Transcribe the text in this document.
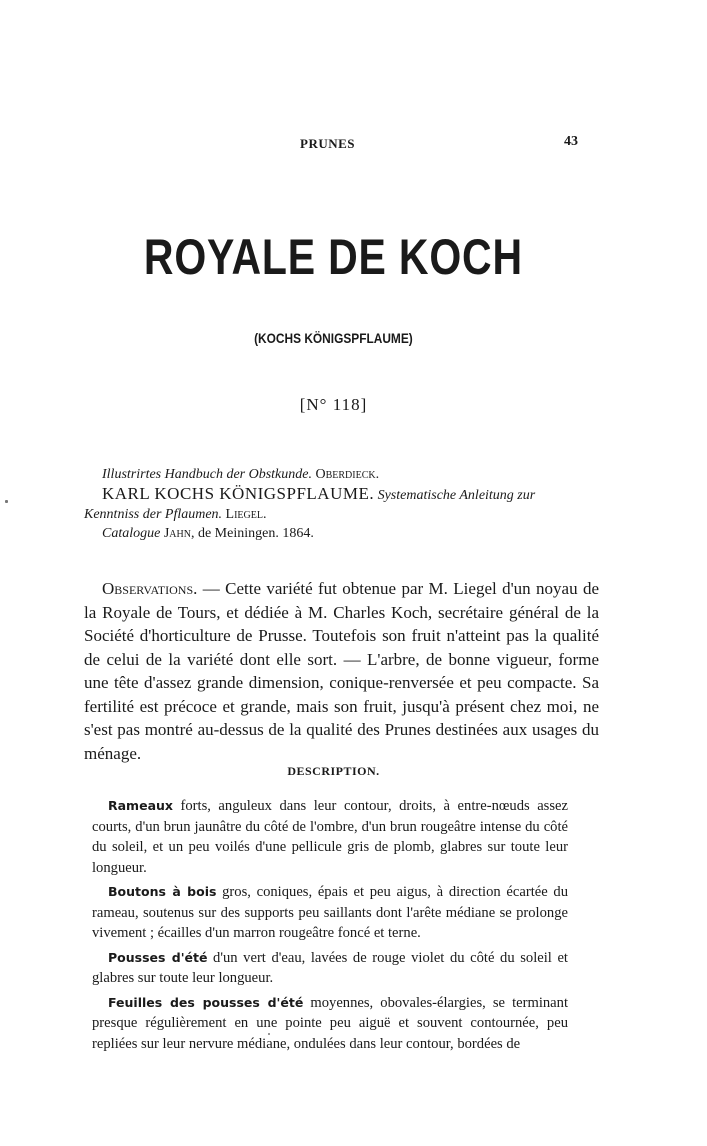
PRUNES	43
ROYALE DE KOCH
(KOCHS KÖNIGSPFLAUME)
[N° 118]
Illustrirtes Handbuch der Obstkunde. Oberdieck.
KARL KOCHS KÖNIGSPFLAUME. Systematische Anleitung zur
Kenntniss der Pflaumen. Liegel.
Catalogue Jahn, de Meiningen. 1864.

Observations. — Cette variété fut obtenue par M. Liegel d'un noyau de la Royale de Tours, et dédiée à M. Charles Koch, secrétaire général de la Société d'horticulture de Prusse. Toutefois son fruit n'atteint pas la qualité de celui de la variété dont elle sort. — L'arbre, de bonne vigueur, forme une tête d'assez grande dimension, conique-renversée et peu compacte. Sa fertilité est précoce et grande, mais son fruit, jusqu'à présent chez moi, ne s'est pas montré au-dessus de la qualité des Prunes destinées aux usages du ménage.

DESCRIPTION.

Rameaux forts, anguleux dans leur contour, droits, à entre-nœuds assez courts, d'un brun jaunâtre du côté de l'ombre, d'un brun rougeâtre intense du côté du soleil, et un peu voilés d'une pellicule gris de plomb, glabres sur toute leur longueur.

Boutons à bois gros, coniques, épais et peu aigus, à direction écartée du rameau, soutenus sur des supports peu saillants dont l'arête médiane se prolonge vivement ; écailles d'un marron rougeâtre foncé et terne.

Pousses d'été d'un vert d'eau, lavées de rouge violet du côté du soleil et glabres sur toute leur longueur.

Feuilles des pousses d'été moyennes, obovales-élargies, se terminant presque régulièrement en une pointe peu aiguë et souvent contournée, peu repliées sur leur nervure médiane, ondulées dans leur contour, bordées de
